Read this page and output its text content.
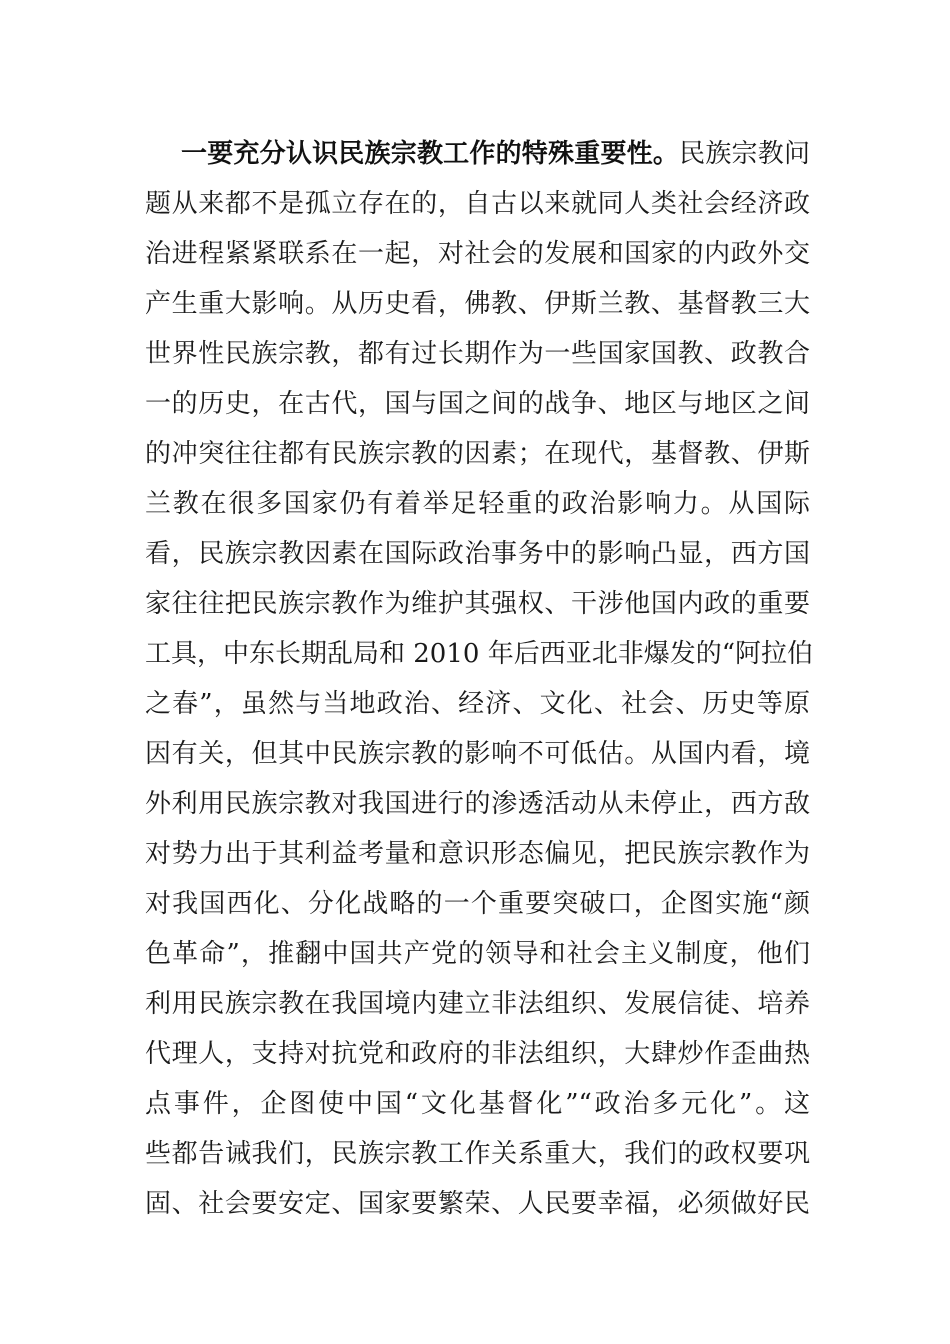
一要充分认识民族宗教工作的特殊重要性。民族宗教问
题从来都不是孤立存在的，自古以来就同人类社会经济政
治进程紧紧联系在一起，对社会的发展和国家的内政外交
产生重大影响。从历史看，佛教、伊斯兰教、基督教三大
世界性民族宗教，都有过长期作为一些国家国教、政教合
一的历史，在古代，国与国之间的战争、地区与地区之间
的冲突往往都有民族宗教的因素；在现代，基督教、伊斯
兰教在很多国家仍有着举足轻重的政治影响力。从国际
看，民族宗教因素在国际政治事务中的影响凸显，西方国
家往往把民族宗教作为维护其强权、干涉他国内政的重要
工具，中东长期乱局和 2010 年后西亚北非爆发的“阿拉伯
之春”，虽然与当地政治、经济、文化、社会、历史等原
因有关，但其中民族宗教的影响不可低估。从国内看，境
外利用民族宗教对我国进行的渗透活动从未停止，西方敌
对势力出于其利益考量和意识形态偏见，把民族宗教作为
对我国西化、分化战略的一个重要突破口，企图实施“颜
色革命”，推翻中国共产党的领导和社会主义制度，他们
利用民族宗教在我国境内建立非法组织、发展信徒、培养
代理人，支持对抗党和政府的非法组织，大肆炒作歪曲热
点事件，企图使中国“文化基督化”“政治多元化”。这
些都告诫我们，民族宗教工作关系重大，我们的政权要巩
固、社会要安定、国家要繁荣、人民要幸福，必须做好民
